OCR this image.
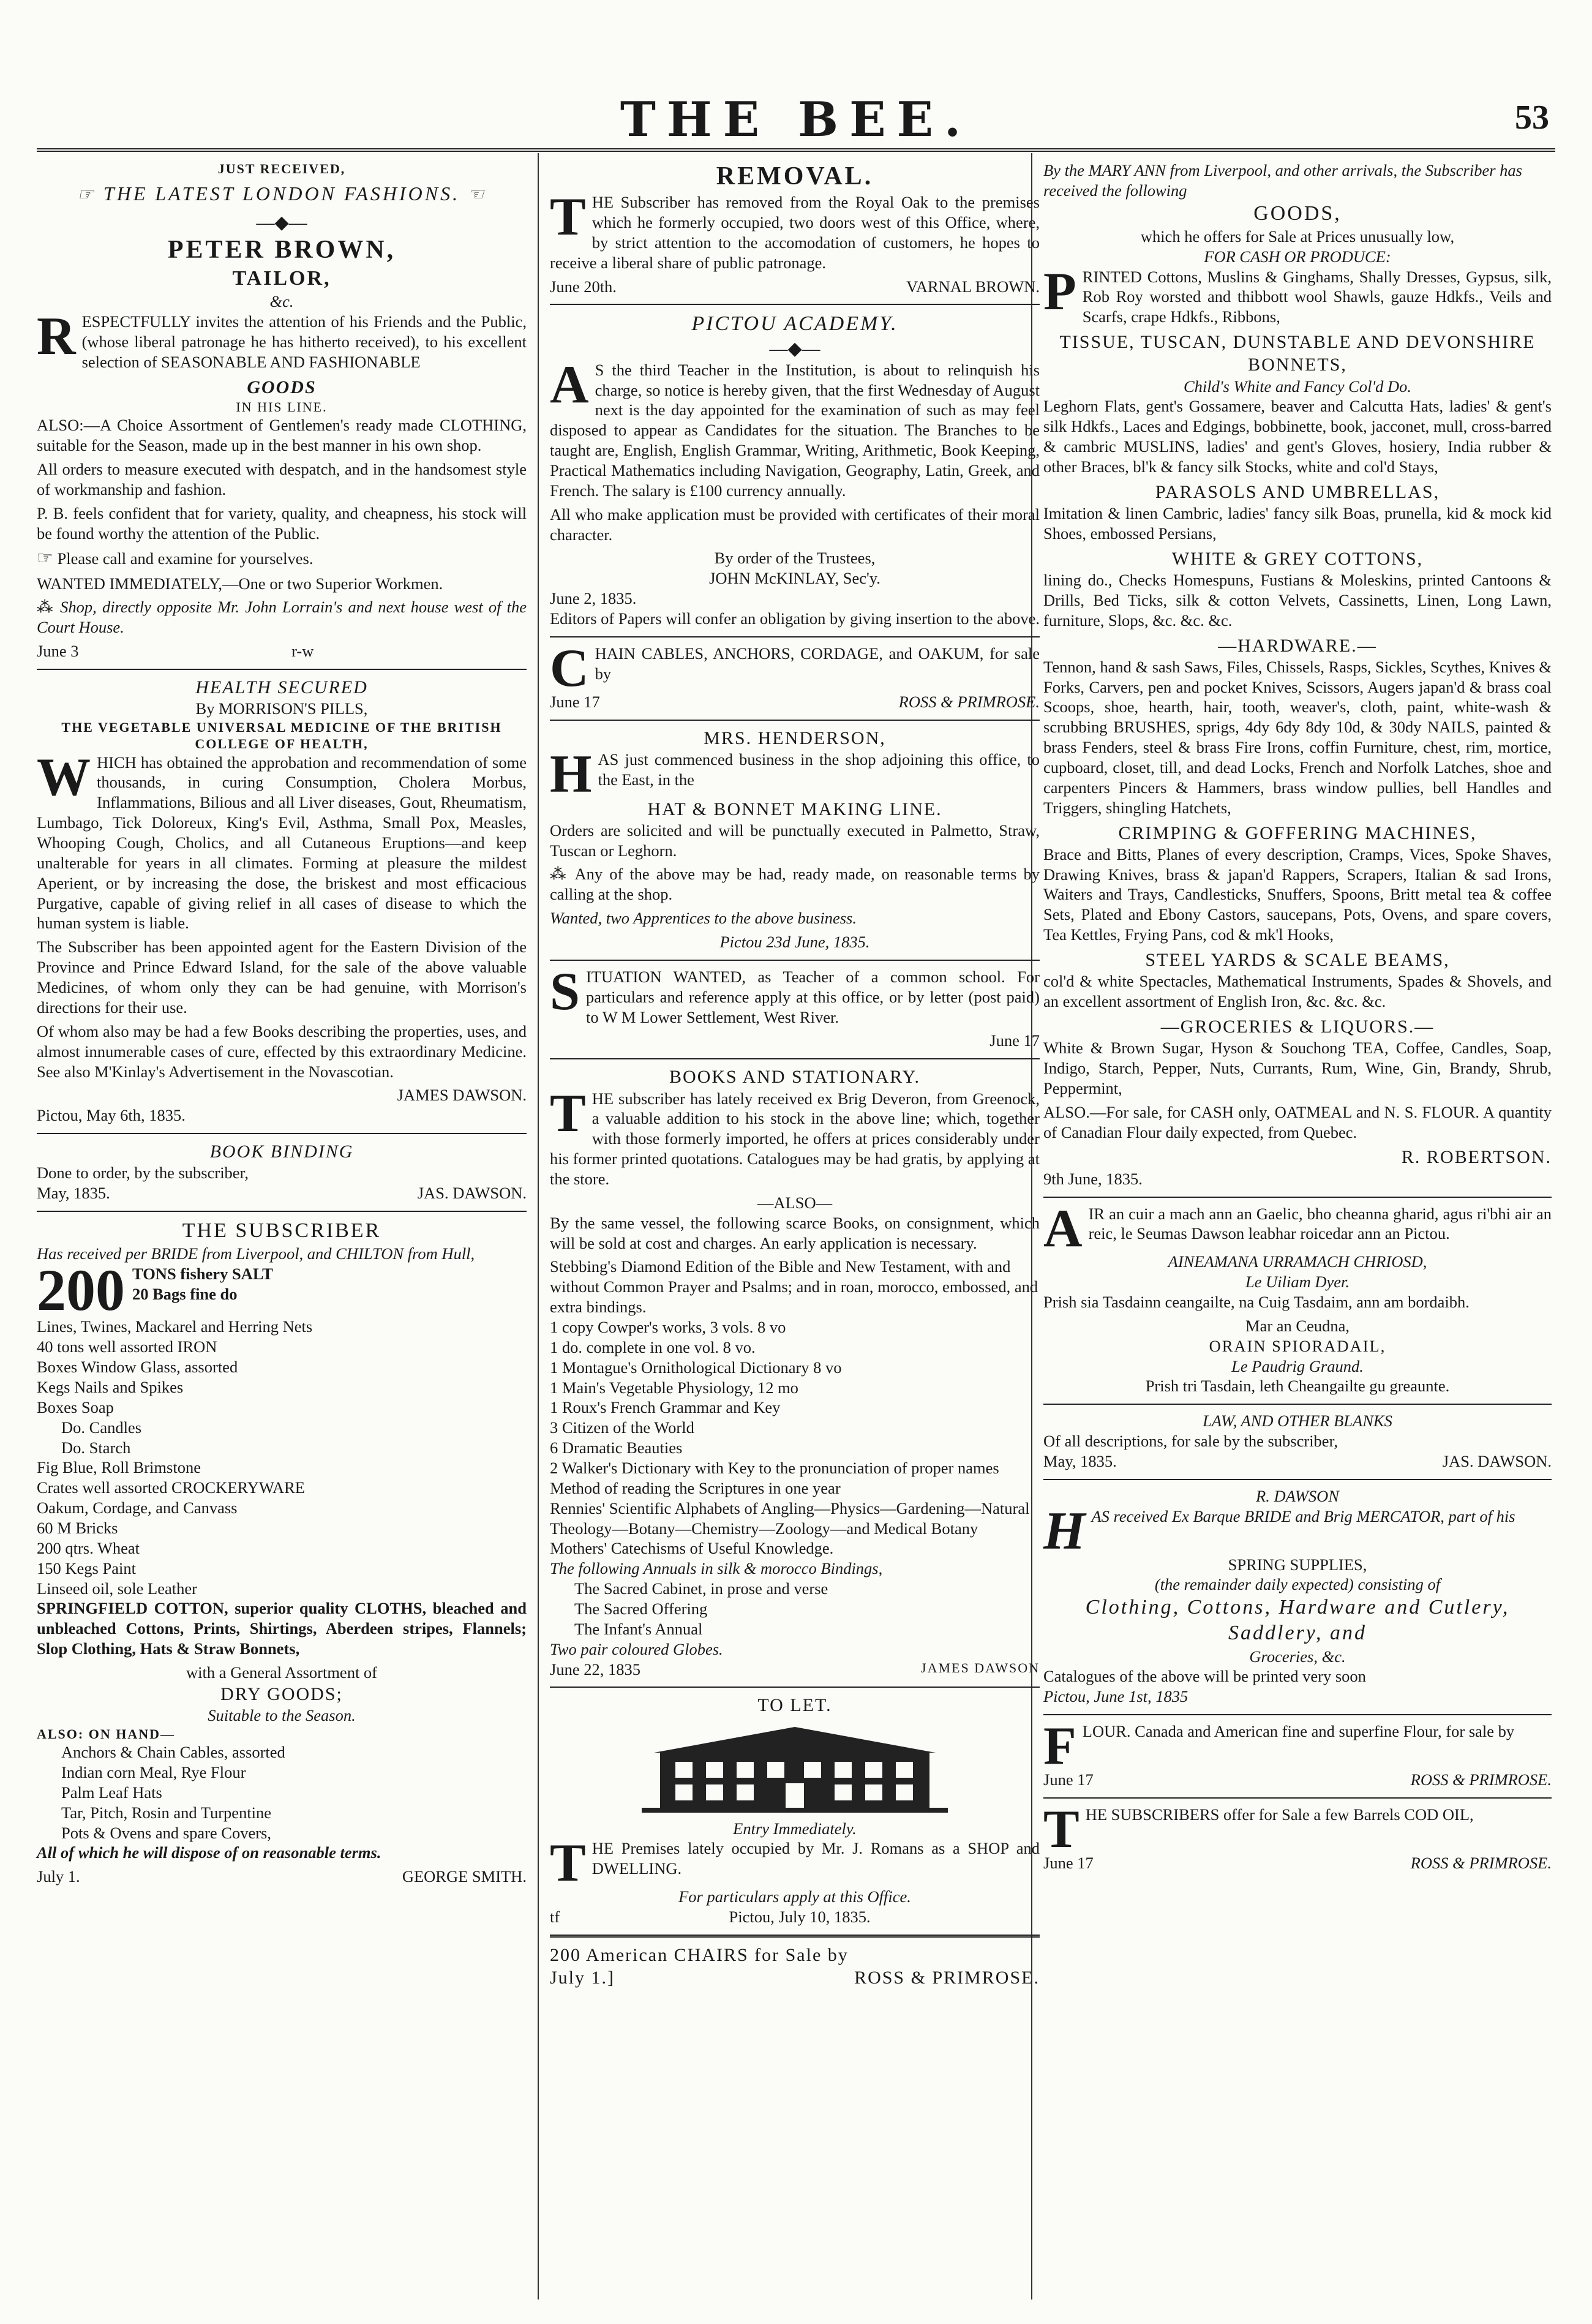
THE BEE.	53
JUST RECEIVED,
☞ THE LATEST LONDON FASHIONS. ☜
—◆—
PETER BROWN,
TAILOR,
&c.

RESPECTFULLY invites the attention of his Friends and the Public, (whose liberal patronage he has hitherto received), to his excellent selection of SEASONABLE AND FASHIONABLE

GOODS
IN HIS LINE.

ALSO:—A Choice Assortment of Gentlemen's ready made CLOTHING, suitable for the Season, made up in the best manner in his own shop.

All orders to measure executed with despatch, and in the handsomest style of workmanship and fashion.

P. B. feels confident that for variety, quality, and cheapness, his stock will be found worthy the attention of the Public.

☞ Please call and examine for yourselves.

WANTED IMMEDIATELY,—One or two Superior Workmen.

⁂ Shop, directly opposite Mr. John Lorrain's and next house west of the Court House.

June 3	r-w
HEALTH SECURED
By MORRISON'S PILLS,
THE VEGETABLE UNIVERSAL MEDICINE OF THE BRITISH COLLEGE OF HEALTH,

WHICH has obtained the approbation and recommendation of some thousands, in curing Consumption, Cholera Morbus, Inflammations, Bilious and all Liver diseases, Gout, Rheumatism, Lumbago, Tick Doloreux, King's Evil, Asthma, Small Pox, Measles, Whooping Cough, Cholics, and all Cutaneous Eruptions—and keep unalterable for years in all climates. Forming at pleasure the mildest Aperient, or by increasing the dose, the briskest and most efficacious Purgative, capable of giving relief in all cases of disease to which the human system is liable.

The Subscriber has been appointed agent for the Eastern Division of the Province and Prince Edward Island, for the sale of the above valuable Medicines, of whom only they can be had genuine, with Morrison's directions for their use.

Of whom also may be had a few Books describing the properties, uses, and almost innumerable cases of cure, effected by this extraordinary Medicine. See also M'Kinlay's Advertisement in the Novascotian.

JAMES DAWSON.
Pictou, May 6th, 1835.
BOOK BINDING
Done to order, by the subscriber,
May, 1835.	JAS. DAWSON.
THE SUBSCRIBER
Has received per BRIDE from Liverpool, and CHILTON from Hull,
200 TONS fishery SALT
20 Bags fine do
Lines, Twines, Mackarel and Herring Nets
40 tons well assorted IRON
Boxes Window Glass, assorted
Kegs Nails and Spikes
Boxes Soap
Do. Candles
Do. Starch
Fig Blue, Roll Brimstone
Crates well assorted CROCKERYWARE
Oakum, Cordage, and Canvass
60 M Bricks
200 qtrs. Wheat
150 Kegs Paint
Linseed oil, sole Leather

SPRINGFIELD COTTON, superior quality CLOTHS, bleached and unbleached Cottons, Prints, Shirtings, Aberdeen stripes, Flannels; Slop Clothing, Hats & Straw Bonnets,

with a General Assortment of
DRY GOODS;
Suitable to the Season.
ALSO: ON HAND—
Anchors & Chain Cables, assorted
Indian corn Meal, Rye Flour
Palm Leaf Hats
Tar, Pitch, Rosin and Turpentine
Pots & Ovens and spare Covers,

All of which he will dispose of on reasonable terms.

July 1.	GEORGE SMITH.
REMOVAL.

THE Subscriber has removed from the Royal Oak to the premises which he formerly occupied, two doors west of this Office, where, by strict attention to the accomodation of customers, he hopes to receive a liberal share of public patronage.

June 20th.	VARNAL BROWN.
PICTOU ACADEMY.
—◆—

A S the third Teacher in the Institution, is about to relinquish his charge, so notice is hereby given, that the first Wednesday of August next is the day appointed for the examination of such as may feel disposed to appear as Candidates for the situation. The Branches to be taught are, English, English Grammar, Writing, Arithmetic, Book Keeping, Practical Mathematics including Navigation, Geography, Latin, Greek, and French. The salary is £100 currency annually.

All who make application must be provided with certificates of their moral character.

By order of the Trustees,
JOHN McKINLAY, Sec'y.
June 2, 1835.

Editors of Papers will confer an obligation by giving insertion to the above.

CHAIN CABLES, ANCHORS, CORDAGE, and OAKUM, for sale by

June 17	ROSS & PRIMROSE.
MRS. HENDERSON,

HAS just commenced business in the shop adjoining this office, to the East, in the

HAT & BONNET MAKING LINE.

Orders are solicited and will be punctually executed in Palmetto, Straw, Tuscan or Leghorn.

⁂ Any of the above may be had, ready made, on reasonable terms by calling at the shop.

Wanted, two Apprentices to the above business.

Pictou 23d June, 1835.

SITUATION WANTED, as Teacher of a common school. For particulars and reference apply at this office, or by letter (post paid) to W M Lower Settlement, West River.

June 17
BOOKS AND STATIONARY.

THE subscriber has lately received ex Brig Deveron, from Greenock, a valuable addition to his stock in the above line; which, together with those formerly imported, he offers at prices considerably under his former printed quotations. Catalogues may be had gratis, by applying at the store.

—ALSO—

By the same vessel, the following scarce Books, on consignment, which will be sold at cost and charges. An early application is necessary.

Stebbing's Diamond Edition of the Bible and New Testament, with and without Common Prayer and Psalms; and in roan, morocco, embossed, and extra bindings.
1 copy Cowper's works, 3 vols. 8 vo
1 do. complete in one vol. 8 vo.
1 Montague's Ornithological Dictionary 8 vo
1 Main's Vegetable Physiology, 12 mo
1 Roux's French Grammar and Key
3 Citizen of the World
6 Dramatic Beauties
2 Walker's Dictionary with Key to the pronunciation of proper names
Method of reading the Scriptures in one year
Rennies' Scientific Alphabets of Angling—Physics—Gardening—Natural Theology—Botany—Chemistry—Zoology—and Medical Botany
Mothers' Catechisms of Useful Knowledge.
The following Annuals in silk & morocco Bindings,
The Sacred Cabinet, in prose and verse
The Sacred Offering
The Infant's Annual
Two pair coloured Globes.
June 22, 1835	JAMES DAWSON
TO LET.
Entry Immediately.

THE Premises lately occupied by Mr. J. Romans as a SHOP and DWELLING.

For particulars apply at this Office.
tf	Pictou, July 10, 1835.
200 American CHAIRS for Sale by
July 1.]	ROSS & PRIMROSE.
By the MARY ANN from Liverpool, and other arrivals, the Subscriber has received the following
GOODS,
which he offers for Sale at Prices unusually low,
FOR CASH OR PRODUCE:

PRINTED Cottons, Muslins & Ginghams, Shally Dresses, Gypsus, silk, Rob Roy worsted and thibbott wool Shawls, gauze Hdkfs., Veils and Scarfs, crape Hdkfs., Ribbons,

TISSUE, TUSCAN, DUNSTABLE AND DEVONSHIRE BONNETS,
Child's White and Fancy Col'd Do.

Leghorn Flats, gent's Gossamere, beaver and Calcutta Hats, ladies' & gent's silk Hdkfs., Laces and Edgings, bobbinette, book, jacconet, mull, cross-barred & cambric MUSLINS, ladies' and gent's Gloves, hosiery, India rubber & other Braces, bl'k & fancy silk Stocks, white and col'd Stays,

PARASOLS AND UMBRELLAS,

Imitation & linen Cambric, ladies' fancy silk Boas, prunella, kid & mock kid Shoes, embossed Persians,

WHITE & GREY COTTONS,

lining do., Checks Homespuns, Fustians & Moleskins, printed Cantoons & Drills, Bed Ticks, silk & cotton Velvets, Cassinetts, Linen, Long Lawn, furniture, Slops, &c. &c. &c.

—HARDWARE.—

Tennon, hand & sash Saws, Files, Chissels, Rasps, Sickles, Scythes, Knives & Forks, Carvers, pen and pocket Knives, Scissors, Augers japan'd & brass coal Scoops, shoe, hearth, hair, tooth, weaver's, cloth, paint, white-wash & scrubbing BRUSHES, sprigs, 4dy 6dy 8dy 10d, & 30dy NAILS, painted & brass Fenders, steel & brass Fire Irons, coffin Furniture, chest, rim, mortice, cupboard, closet, till, and dead Locks, French and Norfolk Latches, shoe and carpenters Pincers & Hammers, brass window pullies, bell Handles and Triggers, shingling Hatchets,

CRIMPING & GOFFERING MACHINES,

Brace and Bitts, Planes of every description, Cramps, Vices, Spoke Shaves, Drawing Knives, brass & japan'd Rappers, Scrapers, Italian & sad Irons, Waiters and Trays, Candlesticks, Snuffers, Spoons, Britt metal tea & coffee Sets, Plated and Ebony Castors, saucepans, Pots, Ovens, and spare covers, Tea Kettles, Frying Pans, cod & mk'l Hooks,

STEEL YARDS & SCALE BEAMS,

col'd & white Spectacles, Mathematical Instruments, Spades & Shovels, and an excellent assortment of English Iron, &c. &c. &c.

—GROCERIES & LIQUORS.—

White & Brown Sugar, Hyson & Souchong TEA, Coffee, Candles, Soap, Indigo, Starch, Pepper, Nuts, Currants, Rum, Wine, Gin, Brandy, Shrub, Peppermint,

ALSO.—For sale, for CASH only, OATMEAL and N. S. FLOUR. A quantity of Canadian Flour daily expected, from Quebec.

R. ROBERTSON.
9th June, 1835.

AIR an cuir a mach ann an Gaelic, bho cheanna gharid, agus ri'bhi air an reic, le Seumas Dawson leabhar roicedar ann an Pictou.

AINEAMANA URRAMACH CHRIOSD,
Le Uiliam Dyer.

Prish sia Tasdainn ceangailte, na Cuig Tasdaim, ann am bordaibh.

Mar an Ceudna,
ORAIN SPIORADAIL,
Le Paudrig Graund.
Prish tri Tasdain, leth Cheangailte gu greaunte.
LAW, AND OTHER BLANKS
Of all descriptions, for sale by the subscriber,
May, 1835.	JAS. DAWSON.
R. DAWSON

HAS received Ex Barque BRIDE and Brig MERCATOR, part of his

SPRING SUPPLIES,
(the remainder daily expected) consisting of
Clothing, Cottons, Hardware and Cutlery, Saddlery, and
Groceries, &c.
Catalogues of the above will be printed very soon
Pictou, June 1st, 1835

FLOUR. Canada and American fine and superfine Flour, for sale by

June 17	ROSS & PRIMROSE.

THE SUBSCRIBERS offer for Sale a few Barrels COD OIL,

June 17	ROSS & PRIMROSE.
